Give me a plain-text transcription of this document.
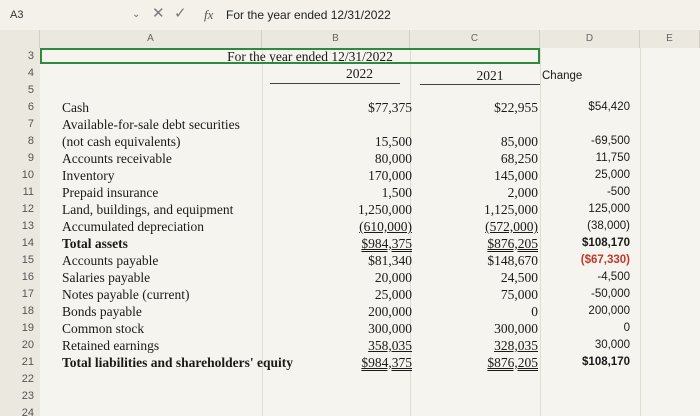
A3	⌄ ✕ ✓ fx For the year ended 12/31/2022
A	B	C	D	E
3
4
5
6
7
8
9
10
11
12
13
14
15
16
17
18
19
20
21
22
23
24
For the year ended 12/31/2022
2022	2021	Change
Cash	$77,375	$22,955	$54,420
Available-for-sale debt securities
(not cash equivalents)	15,500	85,000	-69,500
Accounts receivable	80,000	68,250	11,750
Inventory	170,000	145,000	25,000
Prepaid insurance	1,500	2,000	-500
Land, buildings, and equipment	1,250,000	1,125,000	125,000
Accumulated depreciation	(610,000)	(572,000)	(38,000)
Total assets	$984,375	$876,205	$108,170
Accounts payable	$81,340	$148,670	($67,330)
Salaries payable	20,000	24,500	-4,500
Notes payable (current)	25,000	75,000	-50,000
Bonds payable	200,000	0	200,000
Common stock	300,000	300,000	0
Retained earnings	358,035	328,035	30,000
Total liabilities and shareholders' equity	$984,375	$876,205	$108,170
